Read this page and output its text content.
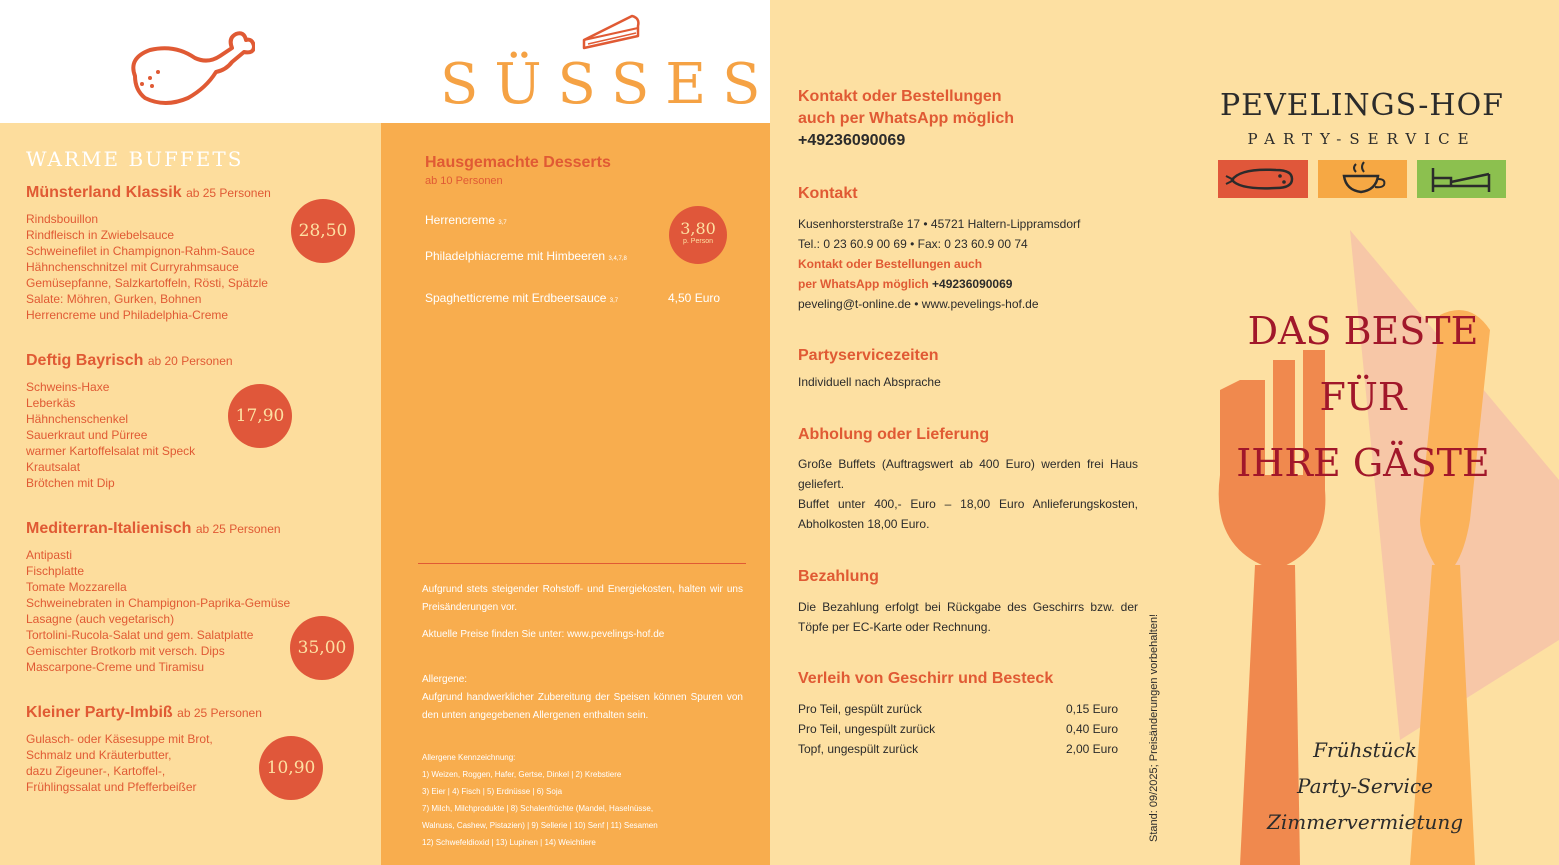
WARME BUFFETS
Münsterland Klassik ab 25 Personen
Rindsbouillon
Rindfleisch in Zwiebelsauce
Schweinefilet in Champignon-Rahm-Sauce
Hähnchenschnitzel mit Curryrahmsauce
Gemüsepfanne, Salzkartoffeln, Rösti, Spätzle
Salate: Möhren, Gurken, Bohnen
Herrencreme und Philadelphia-Creme
28,50
Deftig Bayrisch ab 20 Personen
Schweins-Haxe
Leberkäs
Hähnchenschenkel
Sauerkraut und Pürree
warmer Kartoffelsalat mit Speck
Krautsalat
Brötchen mit Dip
17,90
Mediterran-Italienisch ab 25 Personen
Antipasti
Fischplatte
Tomate Mozzarella
Schweinebraten in Champignon-Paprika-Gemüse
Lasagne (auch vegetarisch)
Tortolini-Rucola-Salat und gem. Salatplatte
Gemischter Brotkorb mit versch. Dips
Mascarpone-Creme und Tiramisu
35,00
Kleiner Party-Imbiß ab 25 Personen
Gulasch- oder Käsesuppe mit Brot,
Schmalz und Kräuterbutter,
dazu Zigeuner-, Kartoffel-,
Frühlingssalat und Pfefferbeißer
10,90
SÜSSES
Hausgemachte Desserts
ab 10 Personen
Herrencreme 3,7
Philadelphiacreme mit Himbeeren 3,4,7,8
Spaghetticreme mit Erdbeersauce 3,7	4,50 Euro
3,80
p. Person
Aufgrund stets steigender Rohstoff- und Energiekosten, halten wir uns Preisänderungen vor.
Aktuelle Preise finden Sie unter: www.pevelings-hof.de
Allergene:
Aufgrund handwerklicher Zubereitung der Speisen können Spuren von den unten angegebenen Allergenen enthalten sein.
Allergene Kennzeichnung:
1) Weizen, Roggen, Hafer, Gertse, Dinkel | 2) Krebstiere
3) Eier | 4) Fisch | 5) Erdnüsse | 6) Soja
7) Milch, Milchprodukte | 8) Schalenfrüchte (Mandel, Haselnüsse,
Walnuss, Cashew, Pistazien) | 9) Sellerie | 10) Senf | 11) Sesamen
12) Schwefeldioxid | 13) Lupinen | 14) Weichtiere
Kontakt oder Bestellungen
auch per WhatsApp möglich
+49236090069
Kontakt
Kusenhorsterstraße 17 • 45721 Haltern-Lippramsdorf
Tel.: 0 23 60.9 00 69 • Fax: 0 23 60.9 00 74
Kontakt oder Bestellungen auch
per WhatsApp möglich +49236090069
peveling@t-online.de • www.pevelings-hof.de
Partyservicezeiten
Individuell nach Absprache
Abholung oder Lieferung
Große Buffets (Auftragswert ab 400 Euro) werden frei Haus geliefert.
Buffet unter 400,- Euro – 18,00 Euro Anlieferungskosten, Abholkosten 18,00 Euro.
Bezahlung
Die Bezahlung erfolgt bei Rückgabe des Geschirrs bzw. der Töpfe per EC-Karte oder Rechnung.
Verleih von Geschirr und Besteck
Pro Teil, gespült zurück	0,15 Euro
Pro Teil, ungespült zurück	0,40 Euro
Topf, ungespült zurück	2,00 Euro	Stand: 09/2025; Preisänderungen vorbehalten!
PEVELINGS-HOF
PARTY-SERVICE
DAS BESTE
FÜR
IHRE GÄSTE
Frühstück
Party-Service
Zimmervermietung
